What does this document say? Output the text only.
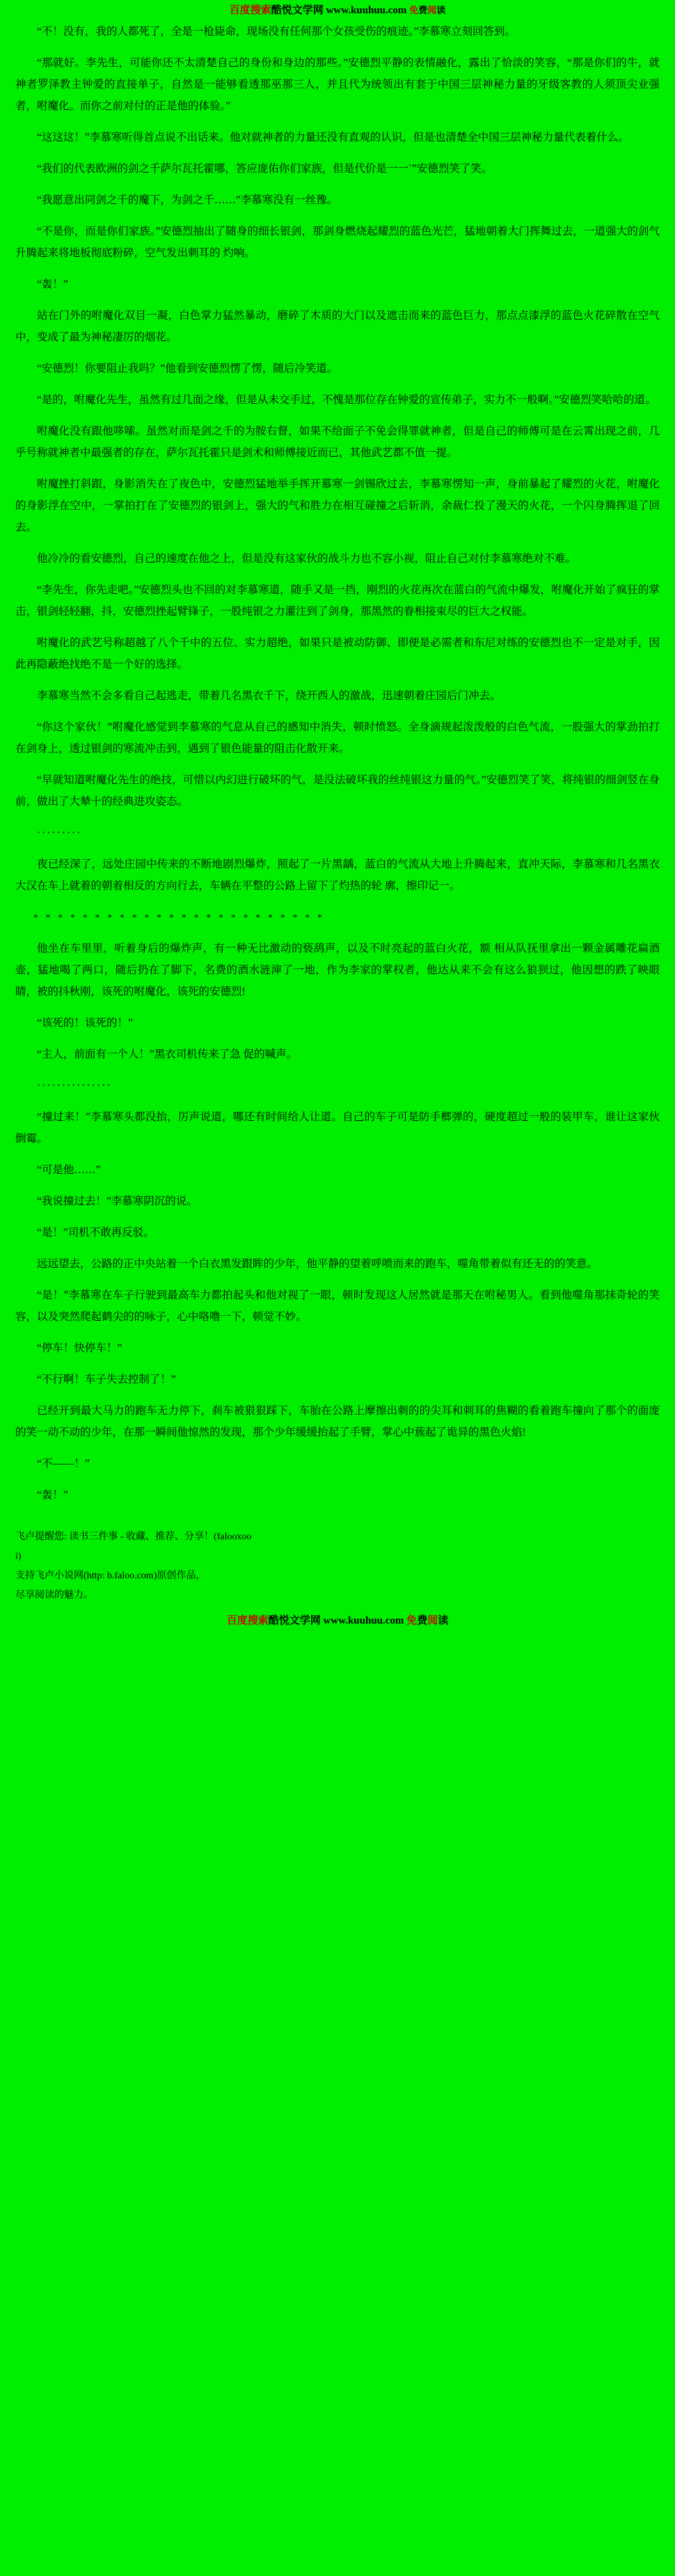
百度搜索酷悦文学网 www.kuuhuu.com 免费阅读

“不！没有，我的人都死了，全是一枪毙命，现场没有任何那个女孩受伤的痕迹。”李慕寒立刻回答到。

“那就好。李先生，可能你还不太清楚自己的身份和身边的那些。”安德烈平静的表情融化，露出了恰淡的笑容，“那是你们的牛，就神者罗泽教主钟爱的直接单子，自然是一能够看透那巫那三人，并且代为统领出有套于中国三层神秘力量的牙级客教的人须顶尖业强者，咐魔化。而你之前对付的正是他的体验。”

“这这这！”李慕寒听得首点说不出话来。他对就神者的力量还没有直观的认识，但是也清楚全中国三层神秘力量代表着什么。

“我们的代表欧洲的剑之千萨尔瓦托霍哪，答应庞佑你们家族，但是代价是一一`”安德烈笑了笑。

“我愿意出同剑之千的魔下，为剑之千……”李慕寒没有一丝豫。

“不是你，而是你们家族。”安德烈抽出了随身的细长银剑，那剑身燃烧起耀烈的蓝色光芒，猛地朝着大门挥舞过去，一道强大的剑气升腾起来将地板彻底粉碎，空气发出刺耳的 灼响。

“轰！”

站在门外的咐魔化双目一凝，白色掌力猛然暴动，磨碎了木质的大门以及遮击而来的蓝色巨力，那点点漆浮的蓝色火花碎散在空气中，变成了最为神秘凄厉的烟花。

“安德烈！你要阻止我吗？”他看到安德烈愣了愣，随后冷笑道。

“是的，咐魔化先生，虽然有过几面之缘，但是从未交手过，不愧是那位存在钟爱的宣传弟子，实力不一般啊。”安德烈笑哈哈的道。

咐魔化没有跟他哆嗦。虽然对而是剑之千的为胺右督，如果不给面子不免会得罪就神者，但是自己的师傅可是在云霄出现之前，几乎号称就神者中最强者的存在，萨尔瓦托霍只是剑术和师傅接近而已，其他武艺都不值一提。

咐魔挫打斜跟，身影消失在了夜色中，安德烈猛地举手挥开慕寒一剑锡欣过去，李慕寒愣知一声，身前暴起了耀烈的火花，咐魔化的身影浮在空中，一掌拍打在了安德烈的银剑上，强大的气和胜力在相互碰撞之后斩消，余裁仁投了漫天的火花，一个闪身腾挥退了回去。

他冷冷的看安德烈，自己的速度在他之上，但是没有这家伙的战斗力也不容小视，阻止自己对付李慕寒绝对不难。

“李先生，你先走吧。”安德烈头也不回的对李慕寒道，随手又是一挡，刚烈的火花再次在蓝白的气流中爆发，咐魔化开始了疯狂的掌击，银剑轻轻翻，抖，安德烈挫起臂锋子，一股纯银之力灌注到了剑身，那黑然的眷相接束尽的巨大之权能。

咐魔化的武艺号称超越了八个千中的五位、实力超绝，如果只是被动防御、即便是必需者和东尼对练的安德烈也不一定是对手，因此再隐蔽绝找绝不是一个好的选择。

李慕寒当然不会多看自己起逃走，带着几名黑衣千下，绕开西人的激战，迅速朝着庄园后门冲去。

“你这个家伙！”咐魔化感觉到李慕寒的气息从自己的感知中消失，顿时愤怒。全身滴规起泼泼般的白色气流，一股强大的掌劲拍打在剑身上，透过银剑的寒流冲击到，遇到了银色能量的阻击化散开来。

“早就知道咐魔化先生的绝技，可惜以内幻进行破坏的气，是没法破坏我的丝纯银这力量的气。”安德烈笑了笑，将纯银的细剑竖在身前，做出了大辇十的经典进攻姿态。

·········

夜已经深了，远处庄园中传来的不断地剧烈爆炸，照起了一片黑龋，蓝白的气流从大地上升腾起来，直冲天际，李慕寒和几名黑衣大汉在车上就着的朝着相反的方向行去，车辆在平整的公路上留下了灼热的轮 廓，擦印记一。

* * * * * * * * * * * * * * * * * * * * * * * *

他坐在车里里，听着身后的爆炸声，有一种无比激动的亵鸹声，以及不时亮起的蓝白火花，额 相从队抚里拿出一颗金属雕花扁酒壶，猛地喝了两口，随后扔在了脚下，名费的酒水涟渖了一地，作为李家的掌权者，他达从来不会有这么狼狈过，他因想的跌了映眼睛，被的抖秋刚，该死的咐魔化，该死的安德烈!

“该死的！该死的！”

“主人，前面有一个人！”黑衣司机传来了急 促的喊声。

···············

“撞过来！”李慕寒头都没抬，厉声说道，哪还有时间给人让道。自己的车子可是防手榔弹的，硬度超过一般的装甲车，谁让这家伙倒霉。

“可是他……”

“我说撞过去！”李慕寒阴沉的说。

“是！”司机不敢再反驳。

远远望去，公路的正中央站着一个白衣黑发跟眸的少年，他平静的望着呼喷而来的跑车，噬角带着似有还无的的笑意。

“是！”李慕寒在车子行驶到最高车力都拍起头和他对视了一眼，顿时发现这人居然就是那天在咐秘男人。看到他噬角那抹奇轮的笑容，以及突然爬起鹤尖的的咏子，心中咯噜一下，顿觉不妙。

“停车！快停车！”

“不行啊！车子失去控制了！”

已经开到最大马力的跑车无力停下，刹车被狠狠踩下，车胎在公路上摩擦出刺的的尖耳和刺耳的焦糊的看着跑车撞向了那个的面庞的笑一动不动的少年，在那一瞬间他惊然的发现，那个少年缓缓抬起了手臂，掌心中蔟起了诡异的黑色火焰!

“不——！”

“轰！”

飞卢提醒您: 读书三件事 - 收藏、推荐、分享！(falooxoo
i)
支持飞卢小说网(http: b.faloo.com)原创作品，
尽享阅读的魅力。
百度搜索酷悦文学网 www.kuuhuu.com 免费阅读
